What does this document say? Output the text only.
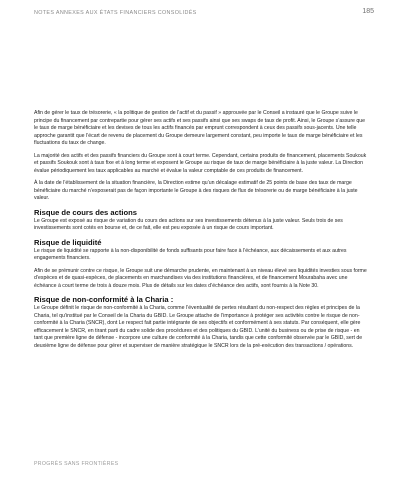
NOTES ANNEXES AUX ÉTATS FINANCIERS CONSOLIDÉS	185

Afin de gérer le taux de trésorerie, « la politique de gestion de l’actif et du passif » approuvée par le Conseil a instauré que le Groupe suive le principe du financement par contrepartie pour gérer ses actifs et ses passifs ainsi que ses swaps de taux de profit. Ainsi, le Groupe s’assure que le taux de marge bénéficiaire et les devises de tous les actifs financés par emprunt correspondent à ceux des passifs sous-jacents. Une telle approche garantit que l’écart de revenu de placement du Groupe demeure largement constant, peu importe le taux de marge bénéficiaire et les fluctuations du taux de change.

La majorité des actifs et des passifs financiers du Groupe sont à court terme. Cependant, certains produits de financement, placements Soukouk et passifs Soukouk sont à taux fixe et à long terme et exposent le Groupe au risque de taux de marge bénéficiaire à la juste valeur. La Direction évalue périodiquement les taux applicables au marché et évalue la valeur comptable de ces produits de financement.

À la date de l’établissement de la situation financière, la Direction estime qu’un décalage estimatif de 25 points de base des taux de marge bénéficiaire du marché n’exposerait pas de façon importante le Groupe à des risques de flux de trésorerie ou de marge bénéficiaire à la juste valeur.

Risque de cours des actions

Le Groupe est exposé au risque de variation du cours des actions sur ses investissements détenus à la juste valeur. Seuls trois de ses investissements sont cotés en bourse et, de ce fait, elle est peu exposée à un risque de cours important.

Risque de liquidité

Le risque de liquidité se rapporte à la non-disponibilité de fonds suffisants pour faire face à l’échéance, aux décaissements et aux autres engagements financiers.

Afin de se prémunir contre ce risque, le Groupe suit une démarche prudente, en maintenant à un niveau élevé ses liquidités investies sous forme d’espèces et de quasi-espèces, de placements en marchandises via des institutions financières, et de financement Mourabaha avec une échéance à court terme de trois à douze mois. Plus de détails sur les dates d’échéance des actifs, sont fournis à la Note 30.

Risque de non-conformité à la Charia :

Le Groupe définit le risque de non-conformité à la Charia, comme l’éventualité de pertes résultant du non-respect des règles et principes de la Charia, tel qu’institué par le Conseil de la Charia du GBID. Le Groupe attache de l’importance à protéger ses activités contre le risque de non-conformité à la Charia (SNCR), dont Le respect fait partie intégrante de ses objectifs et conformément à ses statuts. Par conséquent, elle gère efficacement le SNCR, en tirant parti du cadre solide des procédures et des politiques du GBID. L’unité du business ou de prise de risque - en tant que première ligne de défense - incorpore une culture de conformité à la Charia, tandis que cette conformité observée par le GBID, sert de deuxième ligne de défense pour gérer et superviser de manière stratégique le SNCR lors de la pré-exécution des transactions / opérations.

PROGRÈS SANS FRONTIÈRES
